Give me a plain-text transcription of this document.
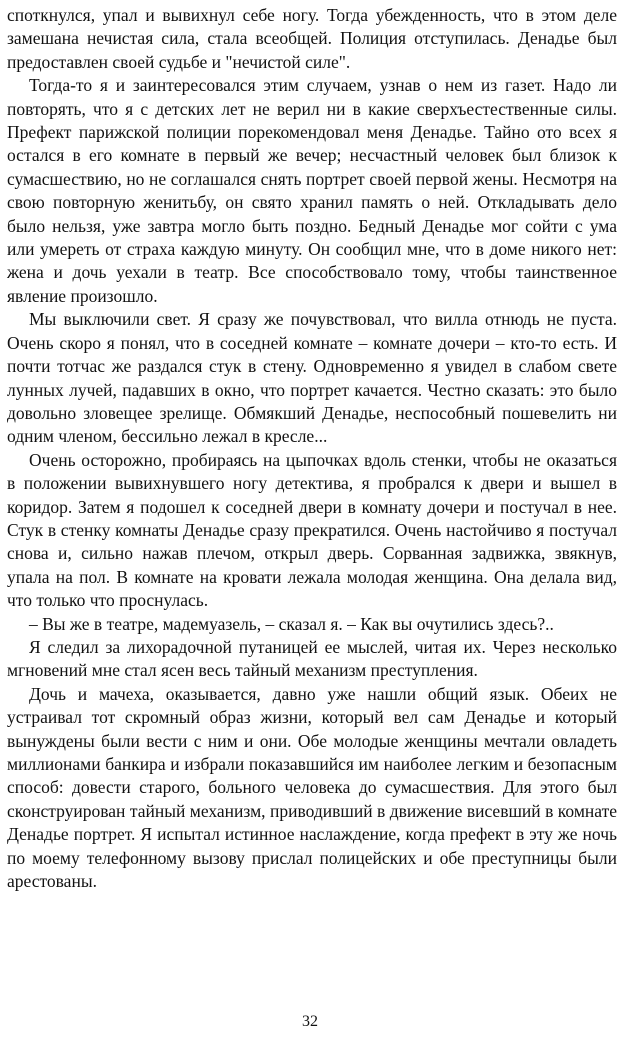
споткнулся, упал и вывихнул себе ногу. Тогда убежденность, что в этом деле замешана нечистая сила, стала всеобщей. Полиция отступилась. Денадье был предоставлен своей судьбе и "нечистой силе".

Тогда-то я и заинтересовался этим случаем, узнав о нем из газет. Надо ли повторять, что я с детских лет не верил ни в какие сверхъестественные силы. Префект парижской полиции порекомендовал меня Денадье. Тайно ото всех я остался в его комнате в первый же вечер; несчастный человек был близок к сумасшествию, но не соглашался снять портрет своей первой жены. Несмотря на свою повторную женитьбу, он свято хранил память о ней. Откладывать дело было нельзя, уже завтра могло быть поздно. Бедный Денадье мог сойти с ума или умереть от страха каждую минуту. Он сообщил мне, что в доме никого нет: жена и дочь уехали в театр. Все способствовало тому, чтобы таинственное явление произошло.

Мы выключили свет. Я сразу же почувствовал, что вилла отнюдь не пуста. Очень скоро я понял, что в соседней комнате – комнате дочери – кто-то есть. И почти тотчас же раздался стук в стену. Одновременно я увидел в слабом свете лунных лучей, падавших в окно, что портрет качается. Честно сказать: это было довольно зловещее зрелище. Обмякший Денадье, неспособный пошевелить ни одним членом, бессильно лежал в кресле...

Очень осторожно, пробираясь на цыпочках вдоль стенки, чтобы не оказаться в положении вывихнувшего ногу детектива, я пробрался к двери и вышел в коридор. Затем я подошел к соседней двери в комнату дочери и постучал в нее. Стук в стенку комнаты Денадье сразу прекратился. Очень настойчиво я постучал снова и, сильно нажав плечом, открыл дверь. Сорванная задвижка, звякнув, упала на пол. В комнате на кровати лежала молодая женщина. Она делала вид, что только что проснулась.

– Вы же в театре, мадемуазель, – сказал я. – Как вы очутились здесь?..

Я следил за лихорадочной путаницей ее мыслей, читая их. Через несколько мгновений мне стал ясен весь тайный механизм преступления.

Дочь и мачеха, оказывается, давно уже нашли общий язык. Обеих не устраивал тот скромный образ жизни, который вел сам Денадье и который вынуждены были вести с ним и они. Обе молодые женщины мечтали овладеть миллионами банкира и избрали показавшийся им наиболее легким и безопасным способ: довести старого, больного человека до сумасшествия. Для этого был сконструирован тайный механизм, приводивший в движение висевший в комнате Денадье портрет. Я испытал истинное наслаждение, когда префект в эту же ночь по моему телефонному вызову прислал полицейских и обе преступницы были арестованы.

32
